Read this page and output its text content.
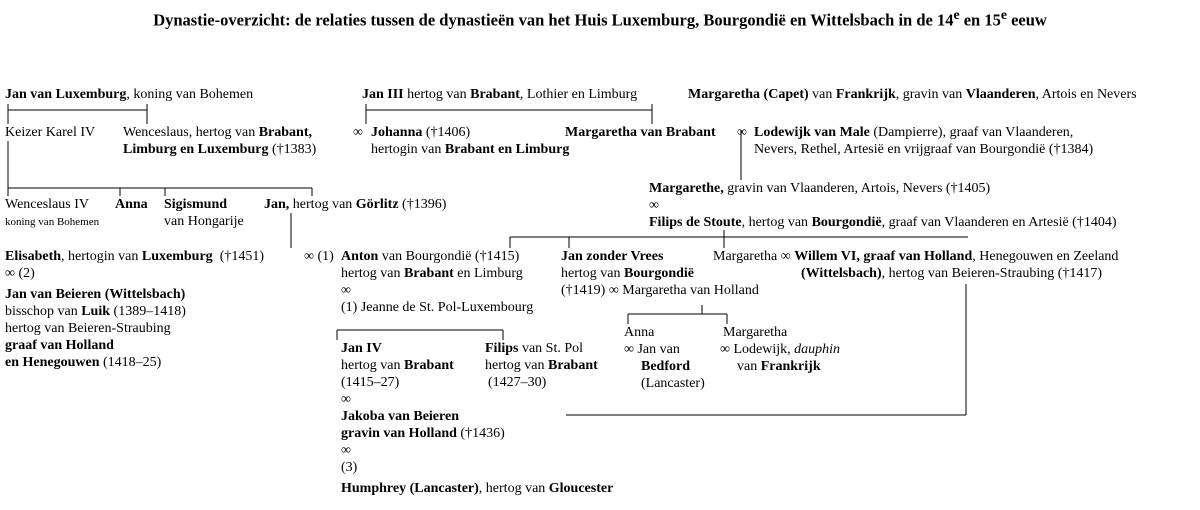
Dynastie-overzicht: de relaties tussen de dynastieën van het Huis Luxemburg, Bourgondië en Wittelsbach in de 14e en 15e eeuw
Jan van Luxemburg, koning van Bohemen
Keizer Karel IV Wenceslaus, hertog van Brabant,
Limburg en Luxemburg (†1383)
Wenceslaus IV
koning van Bohemen
Anna Sigismund
van Hongarije
Jan, hertog van Görlitz (†1396)
Jan III hertog van Brabant, Lothier en Limburg
∞ Johanna (†1406)
hertogin van Brabant en Limburg
Margaretha van Brabant
Margaretha (Capet) van Frankrijk, gravin van Vlaanderen, Artois en Nevers
∞ Lodewijk van Male (Dampierre), graaf van Vlaanderen,
Nevers, Rethel, Artesië en vrijgraaf van Bourgondië (†1384)
Margarethe, gravin van Vlaanderen, Artois, Nevers (†1405)
∞
Filips de Stoute, hertog van Bourgondië, graaf van Vlaanderen en Artesië (†1404)
Elisabeth, hertogin van Luxemburg  (†1451)	∞ (1)
∞ (2)
Jan van Beieren (Wittelsbach)
bisschop van Luik (1389–1418)
hertog van Beieren-Straubing
graaf van Holland
en Henegouwen (1418–25)
Anton van Bourgondië (†1415)
hertog van Brabant en Limburg
∞
(1) Jeanne de St. Pol-Luxembourg
Jan zonder Vrees
hertog van Bourgondië
(†1419) ∞ Margaretha van Holland
Margaretha ∞ Willem VI, graaf van Holland, Henegouwen en Zeeland
(Wittelsbach), hertog van Beieren-Straubing (†1417)
Anna
∞ Jan van
Bedford
(Lancaster)
Margaretha
∞ Lodewijk, dauphin
van Frankrijk
Jan IV
hertog van Brabant
(1415–27)
∞
Filips van St. Pol
hertog van Brabant
(1427–30)
Jakoba van Beieren
gravin van Holland (†1436)
∞
(3)
Humphrey (Lancaster), hertog van Gloucester
